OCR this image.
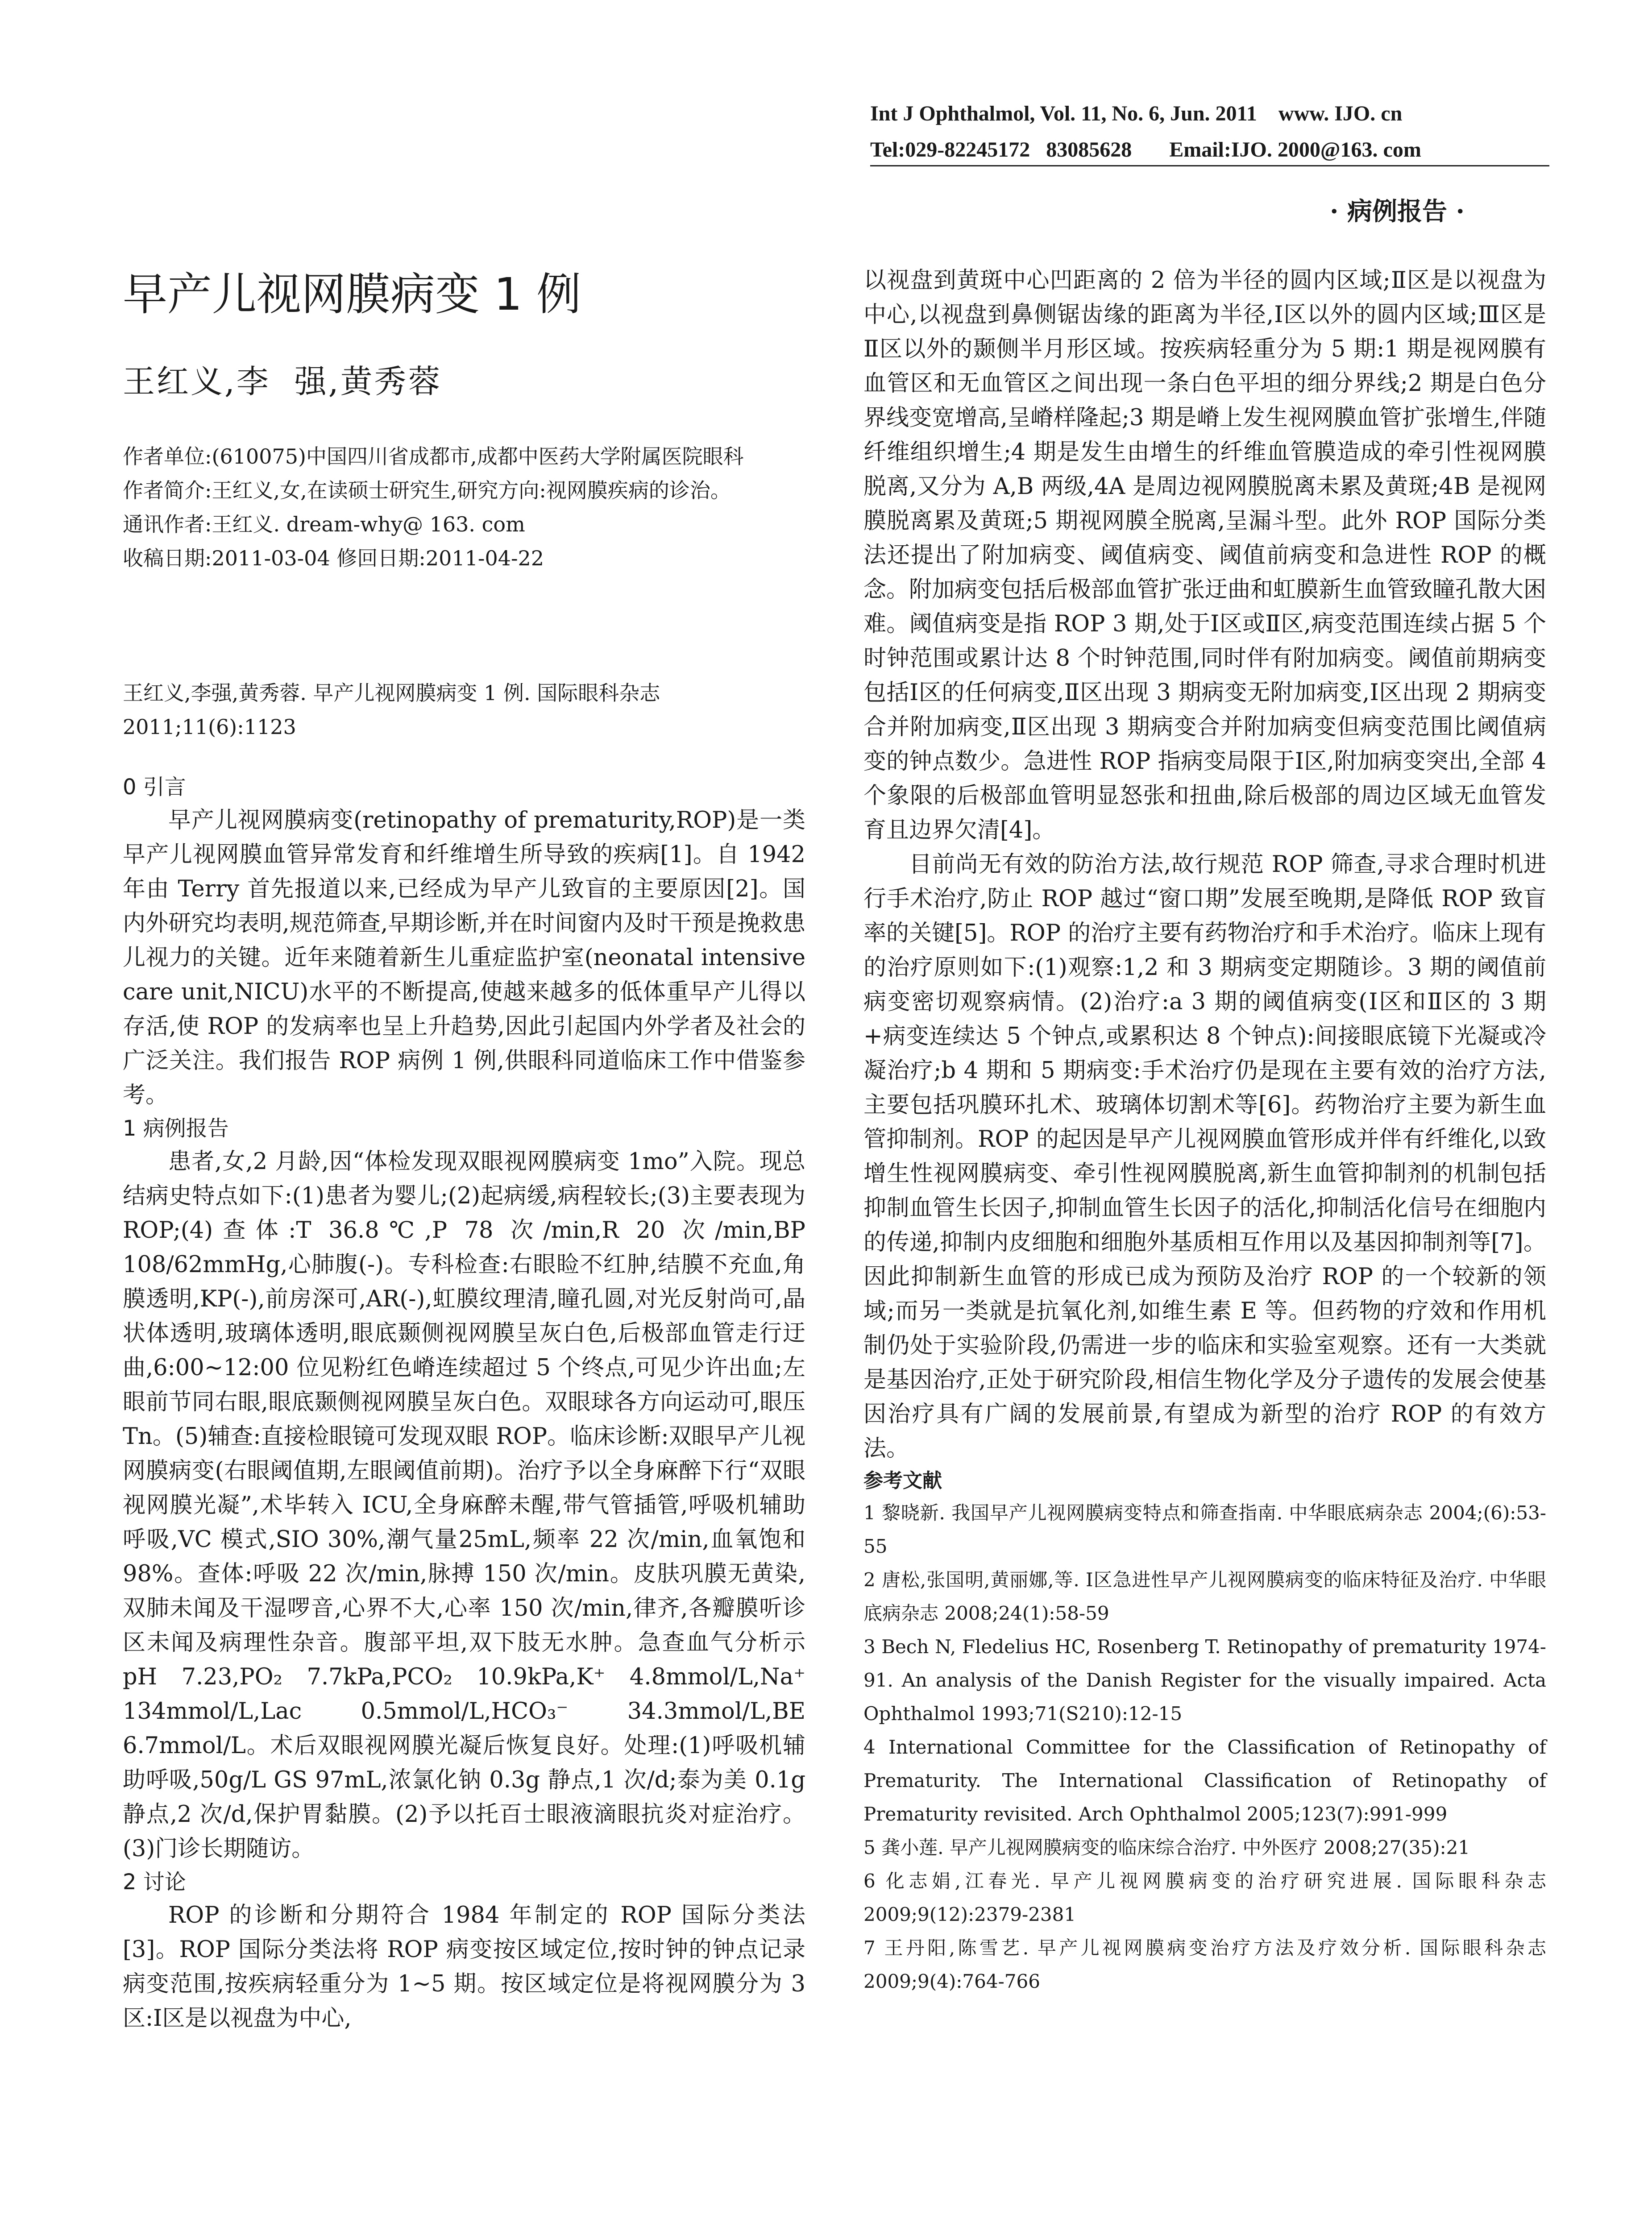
Int J Ophthalmol, Vol. 11, No. 6, Jun. 2011    www. IJO. cn
Tel:029-82245172   83085628       Email:IJO. 2000@163. com
· 病例报告 ·
早产儿视网膜病变 1 例
王红义,李  强,黄秀蓉

作者单位:(610075)中国四川省成都市,成都中医药大学附属医院眼科

作者简介:王红义,女,在读硕士研究生,研究方向:视网膜疾病的诊治。

通讯作者:王红义. dream-why@ 163. com

收稿日期:2011-03-04 修回日期:2011-04-22

王红义,李强,黄秀蓉. 早产儿视网膜病变 1 例. 国际眼科杂志 2011;11(6):1123

0 引言

早产儿视网膜病变(retinopathy of prematurity,ROP)是一类早产儿视网膜血管异常发育和纤维增生所导致的疾病[1]。自 1942 年由 Terry 首先报道以来,已经成为早产儿致盲的主要原因[2]。国内外研究均表明,规范筛查,早期诊断,并在时间窗内及时干预是挽救患儿视力的关键。近年来随着新生儿重症监护室(neonatal intensive care unit,NICU)水平的不断提高,使越来越多的低体重早产儿得以存活,使 ROP 的发病率也呈上升趋势,因此引起国内外学者及社会的广泛关注。我们报告 ROP 病例 1 例,供眼科同道临床工作中借鉴参考。

1 病例报告

患者,女,2 月龄,因“体检发现双眼视网膜病变 1mo”入院。现总结病史特点如下:(1)患者为婴儿;(2)起病缓,病程较长;(3)主要表现为 ROP;(4)查体:T 36.8℃,P 78 次/min,R 20 次/min,BP 108/62mmHg,心肺腹(-)。专科检查:右眼睑不红肿,结膜不充血,角膜透明,KP(-),前房深可,AR(-),虹膜纹理清,瞳孔圆,对光反射尚可,晶状体透明,玻璃体透明,眼底颞侧视网膜呈灰白色,后极部血管走行迂曲,6:00~12:00 位见粉红色嵴连续超过 5 个终点,可见少许出血;左眼前节同右眼,眼底颞侧视网膜呈灰白色。双眼球各方向运动可,眼压 Tn。(5)辅查:直接检眼镜可发现双眼 ROP。临床诊断:双眼早产儿视网膜病变(右眼阈值期,左眼阈值前期)。治疗予以全身麻醉下行“双眼视网膜光凝”,术毕转入 ICU,全身麻醉未醒,带气管插管,呼吸机辅助呼吸,VC 模式,SIO 30%,潮气量25mL,频率 22 次/min,血氧饱和 98%。查体:呼吸 22 次/min,脉搏 150 次/min。皮肤巩膜无黄染,双肺未闻及干湿啰音,心界不大,心率 150 次/min,律齐,各瓣膜听诊区未闻及病理性杂音。腹部平坦,双下肢无水肿。急查血气分析示 pH 7.23,PO₂ 7.7kPa,PCO₂ 10.9kPa,K⁺ 4.8mmol/L,Na⁺ 134mmol/L,Lac 0.5mmol/L,HCO₃⁻ 34.3mmol/L,BE 6.7mmol/L。术后双眼视网膜光凝后恢复良好。处理:(1)呼吸机辅助呼吸,50g/L GS 97mL,浓氯化钠 0.3g 静点,1 次/d;泰为美 0.1g 静点,2 次/d,保护胃黏膜。(2)予以托百士眼液滴眼抗炎对症治疗。(3)门诊长期随访。

2 讨论

ROP 的诊断和分期符合 1984 年制定的 ROP 国际分类法[3]。ROP 国际分类法将 ROP 病变按区域定位,按时钟的钟点记录病变范围,按疾病轻重分为 1~5 期。按区域定位是将视网膜分为 3 区:Ⅰ区是以视盘为中心,

以视盘到黄斑中心凹距离的 2 倍为半径的圆内区域;Ⅱ区是以视盘为中心,以视盘到鼻侧锯齿缘的距离为半径,Ⅰ区以外的圆内区域;Ⅲ区是Ⅱ区以外的颞侧半月形区域。按疾病轻重分为 5 期:1 期是视网膜有血管区和无血管区之间出现一条白色平坦的细分界线;2 期是白色分界线变宽增高,呈嵴样隆起;3 期是嵴上发生视网膜血管扩张增生,伴随纤维组织增生;4 期是发生由增生的纤维血管膜造成的牵引性视网膜脱离,又分为 A,B 两级,4A 是周边视网膜脱离未累及黄斑;4B 是视网膜脱离累及黄斑;5 期视网膜全脱离,呈漏斗型。此外 ROP 国际分类法还提出了附加病变、阈值病变、阈值前病变和急进性 ROP 的概念。附加病变包括后极部血管扩张迂曲和虹膜新生血管致瞳孔散大困难。阈值病变是指 ROP 3 期,处于Ⅰ区或Ⅱ区,病变范围连续占据 5 个时钟范围或累计达 8 个时钟范围,同时伴有附加病变。阈值前期病变包括Ⅰ区的任何病变,Ⅱ区出现 3 期病变无附加病变,Ⅰ区出现 2 期病变合并附加病变,Ⅱ区出现 3 期病变合并附加病变但病变范围比阈值病变的钟点数少。急进性 ROP 指病变局限于Ⅰ区,附加病变突出,全部 4 个象限的后极部血管明显怒张和扭曲,除后极部的周边区域无血管发育且边界欠清[4]。

目前尚无有效的防治方法,故行规范 ROP 筛查,寻求合理时机进行手术治疗,防止 ROP 越过“窗口期”发展至晚期,是降低 ROP 致盲率的关键[5]。ROP 的治疗主要有药物治疗和手术治疗。临床上现有的治疗原则如下:(1)观察:1,2 和 3 期病变定期随诊。3 期的阈值前病变密切观察病情。(2)治疗:a 3 期的阈值病变(Ⅰ区和Ⅱ区的 3 期+病变连续达 5 个钟点,或累积达 8 个钟点):间接眼底镜下光凝或冷凝治疗;b 4 期和 5 期病变:手术治疗仍是现在主要有效的治疗方法,主要包括巩膜环扎术、玻璃体切割术等[6]。药物治疗主要为新生血管抑制剂。ROP 的起因是早产儿视网膜血管形成并伴有纤维化,以致增生性视网膜病变、牵引性视网膜脱离,新生血管抑制剂的机制包括抑制血管生长因子,抑制血管生长因子的活化,抑制活化信号在细胞内的传递,抑制内皮细胞和细胞外基质相互作用以及基因抑制剂等[7]。因此抑制新生血管的形成已成为预防及治疗 ROP 的一个较新的领域;而另一类就是抗氧化剂,如维生素 E 等。但药物的疗效和作用机制仍处于实验阶段,仍需进一步的临床和实验室观察。还有一大类就是基因治疗,正处于研究阶段,相信生物化学及分子遗传的发展会使基因治疗具有广阔的发展前景,有望成为新型的治疗 ROP 的有效方法。

参考文献

1 黎晓新. 我国早产儿视网膜病变特点和筛查指南. 中华眼底病杂志 2004;(6):53-55

2 唐松,张国明,黄丽娜,等. Ⅰ区急进性早产儿视网膜病变的临床特征及治疗. 中华眼底病杂志 2008;24(1):58-59

3 Bech N, Fledelius HC, Rosenberg T. Retinopathy of prematurity 1974-91. An analysis of the Danish Register for the visually impaired. Acta Ophthalmol 1993;71(S210):12-15

4 International Committee for the Classification of Retinopathy of Prematurity. The International Classification of Retinopathy of Prematurity revisited. Arch Ophthalmol 2005;123(7):991-999

5 龚小莲. 早产儿视网膜病变的临床综合治疗. 中外医疗 2008;27(35):21

6 化志娟,江春光. 早产儿视网膜病变的治疗研究进展. 国际眼科杂志 2009;9(12):2379-2381

7 王丹阳,陈雪艺. 早产儿视网膜病变治疗方法及疗效分析. 国际眼科杂志 2009;9(4):764-766
